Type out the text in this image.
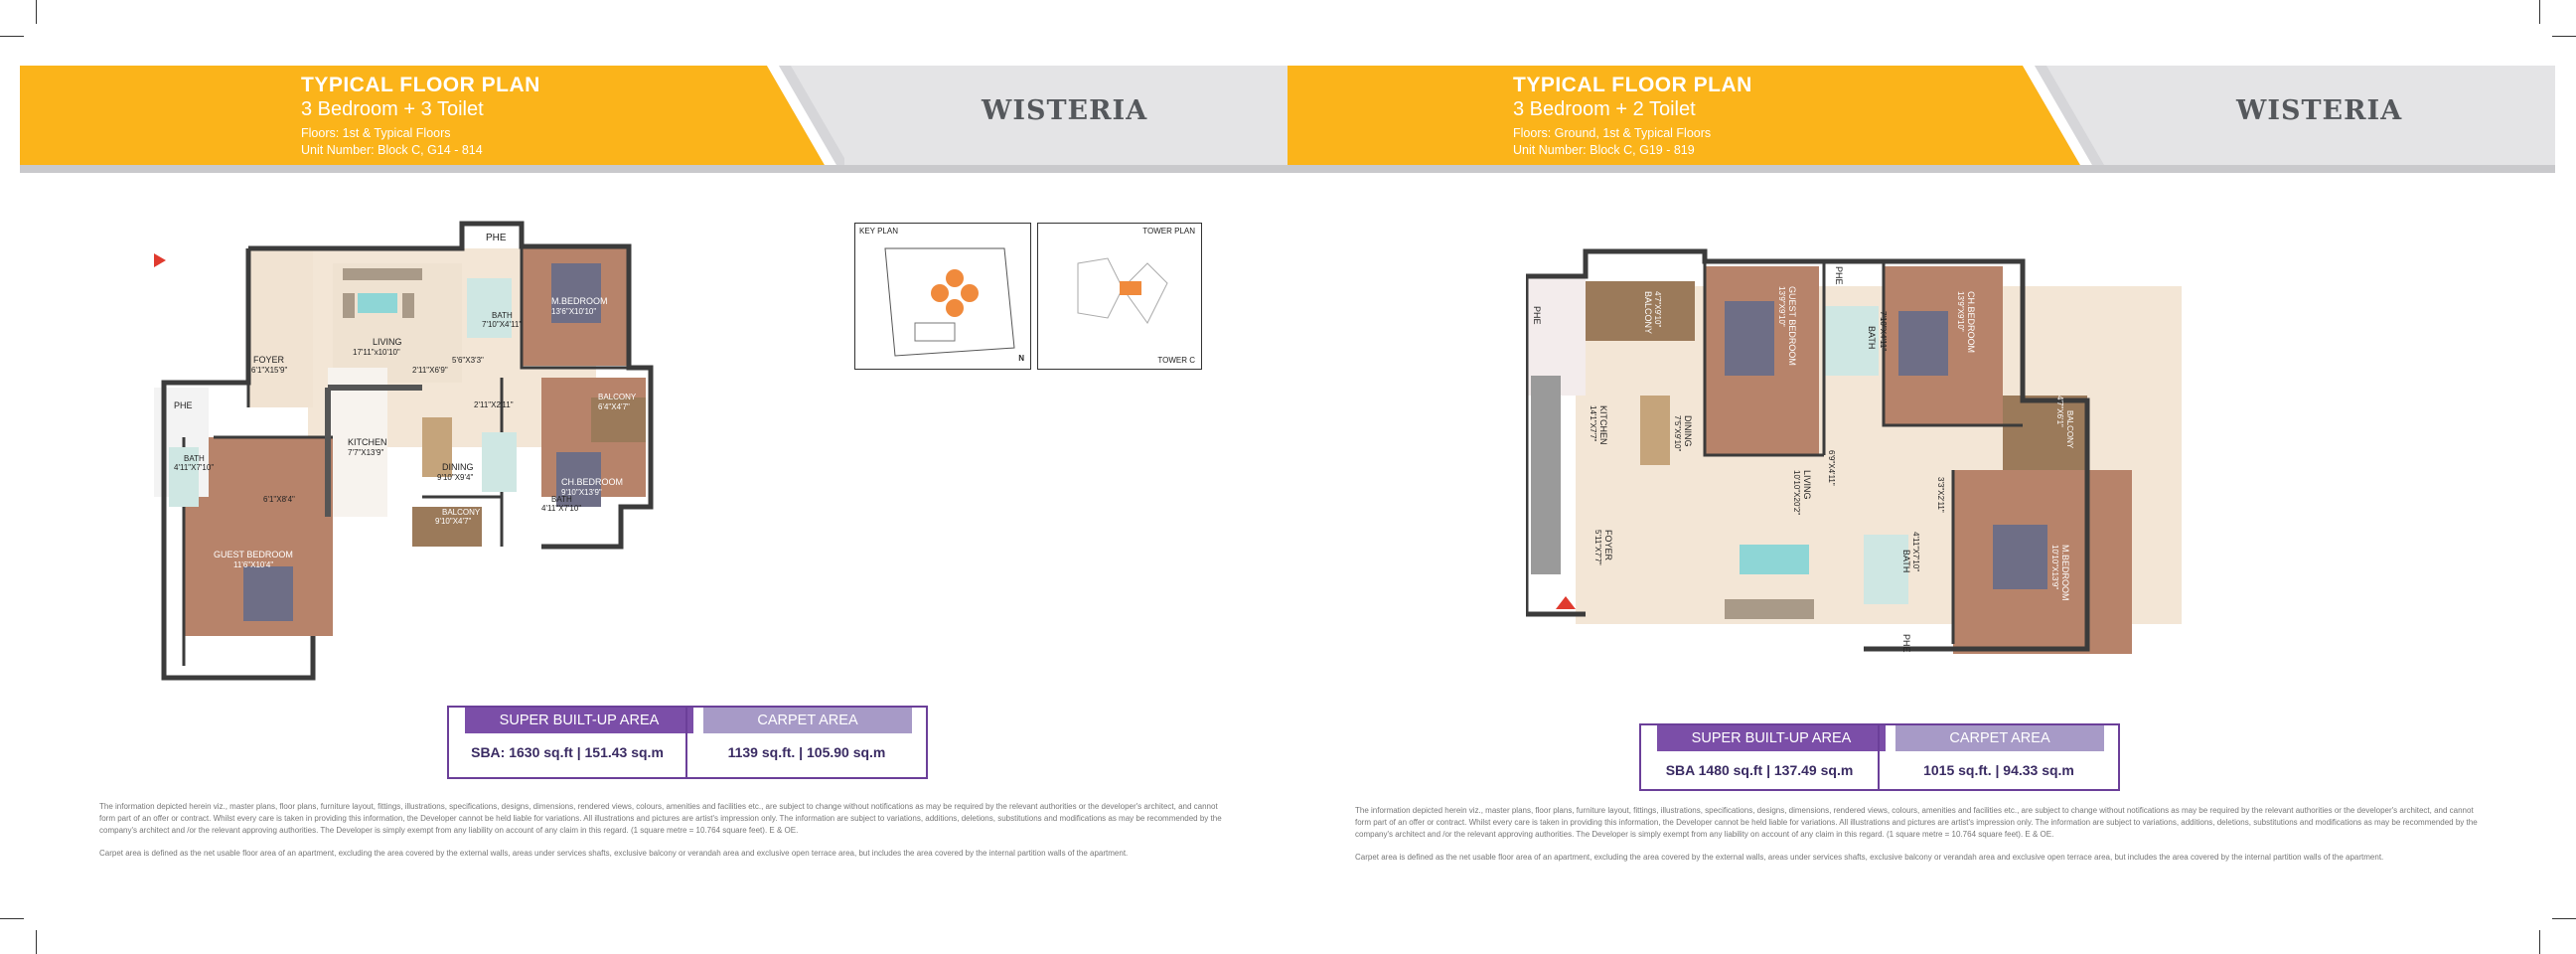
TYPICAL FLOOR PLAN
3 Bedroom + 3 Toilet
Floors: 1st & Typical Floors
Unit Number: Block C, G14 - 814
WISTERIA
PHE
BATH
7'10"X4'11"
M.BEDROOM
13'6"X10'10"
LIVING
17'11"x10'10"
FOYER
6'1"X15'9"
5'6"X3'3"
2'11"X6'9"
BALCONY
6'4"X4'7"
PHE	2'11"X2'11"
KITCHEN
7'7"X13'9"
BATH
4'11"X7'10"	DINING
9'10"X9'4"	CH.BEDROOM
9'10"X13'9"
6'1"X8'4"
BALCONY
9'10"X4'7"
BATH
4'11"X7'10"
GUEST BEDROOM
11'6"X10'4"
KEY PLAN
N
TOWER PLAN
TOWER C
SUPER BUILT-UP AREA	CARPET AREA
SBA: 1630 sq.ft | 151.43 sq.m	1139 sq.ft. | 105.90 sq.m
The information depicted herein viz., master plans, floor plans, furniture layout, fittings, illustrations, specifications, designs, dimensions, rendered views, colours, amenities and facilities etc., are subject to change without notifications as may be required by the relevant authorities or the developer's architect, and cannot form part of an offer or contract. Whilst every care is taken in providing this information, the Developer cannot be held liable for variations. All illustrations and pictures are artist's impression only. The information are subject to variations, additions, deletions, substitutions and modifications as may be recommended by the company's architect and /or the relevant approving authorities. The Developer is simply exempt from any liability on account of any claim in this regard. (1 square metre = 10.764 square feet). E & OE.
Carpet area is defined as the net usable floor area of an apartment, excluding the area covered by the external walls, areas under services shafts, exclusive balcony or verandah area and exclusive open terrace area, but includes the area covered by the internal partition walls of the apartment.
TYPICAL FLOOR PLAN
3 Bedroom + 2 Toilet
Floors: Ground, 1st & Typical Floors
Unit Number: Block C, G19 - 819
WISTERIA
PHE
KITCHEN
14'1"X7'7"
BALCONY 4'7"X9'10"	GUEST BEDROOM
13'9"X9'10"
PHE
BATH 7'10"X4'11"	CH.BEDROOM
13'9"X9'10"
BALCONY
4'7"X6'1"
DINING
7'5"X9'10"
6'9"X4'11"
LIVING
10'10"X20'2"	3'3"X2'11"
FOYER
5'11"X7'7"	BATH 4'11"X7'10"	M.BEDROOM
10'10"X13'9"
PHE
SUPER BUILT-UP AREA	CARPET AREA
SBA 1480 sq.ft | 137.49 sq.m	1015 sq.ft. | 94.33 sq.m
The information depicted herein viz., master plans, floor plans, furniture layout, fittings, illustrations, specifications, designs, dimensions, rendered views, colours, amenities and facilities etc., are subject to change without notifications as may be required by the relevant authorities or the developer's architect, and cannot form part of an offer or contract. Whilst every care is taken in providing this information, the Developer cannot be held liable for variations. All illustrations and pictures are artist's impression only. The information are subject to variations, additions, deletions, substitutions and modifications as may be recommended by the company's architect and /or the relevant approving authorities. The Developer is simply exempt from any liability on account of any claim in this regard. (1 square metre = 10.764 square feet). E & OE.
Carpet area is defined as the net usable floor area of an apartment, excluding the area covered by the external walls, areas under services shafts, exclusive balcony or verandah area and exclusive open terrace area, but includes the area covered by the internal partition walls of the apartment.
